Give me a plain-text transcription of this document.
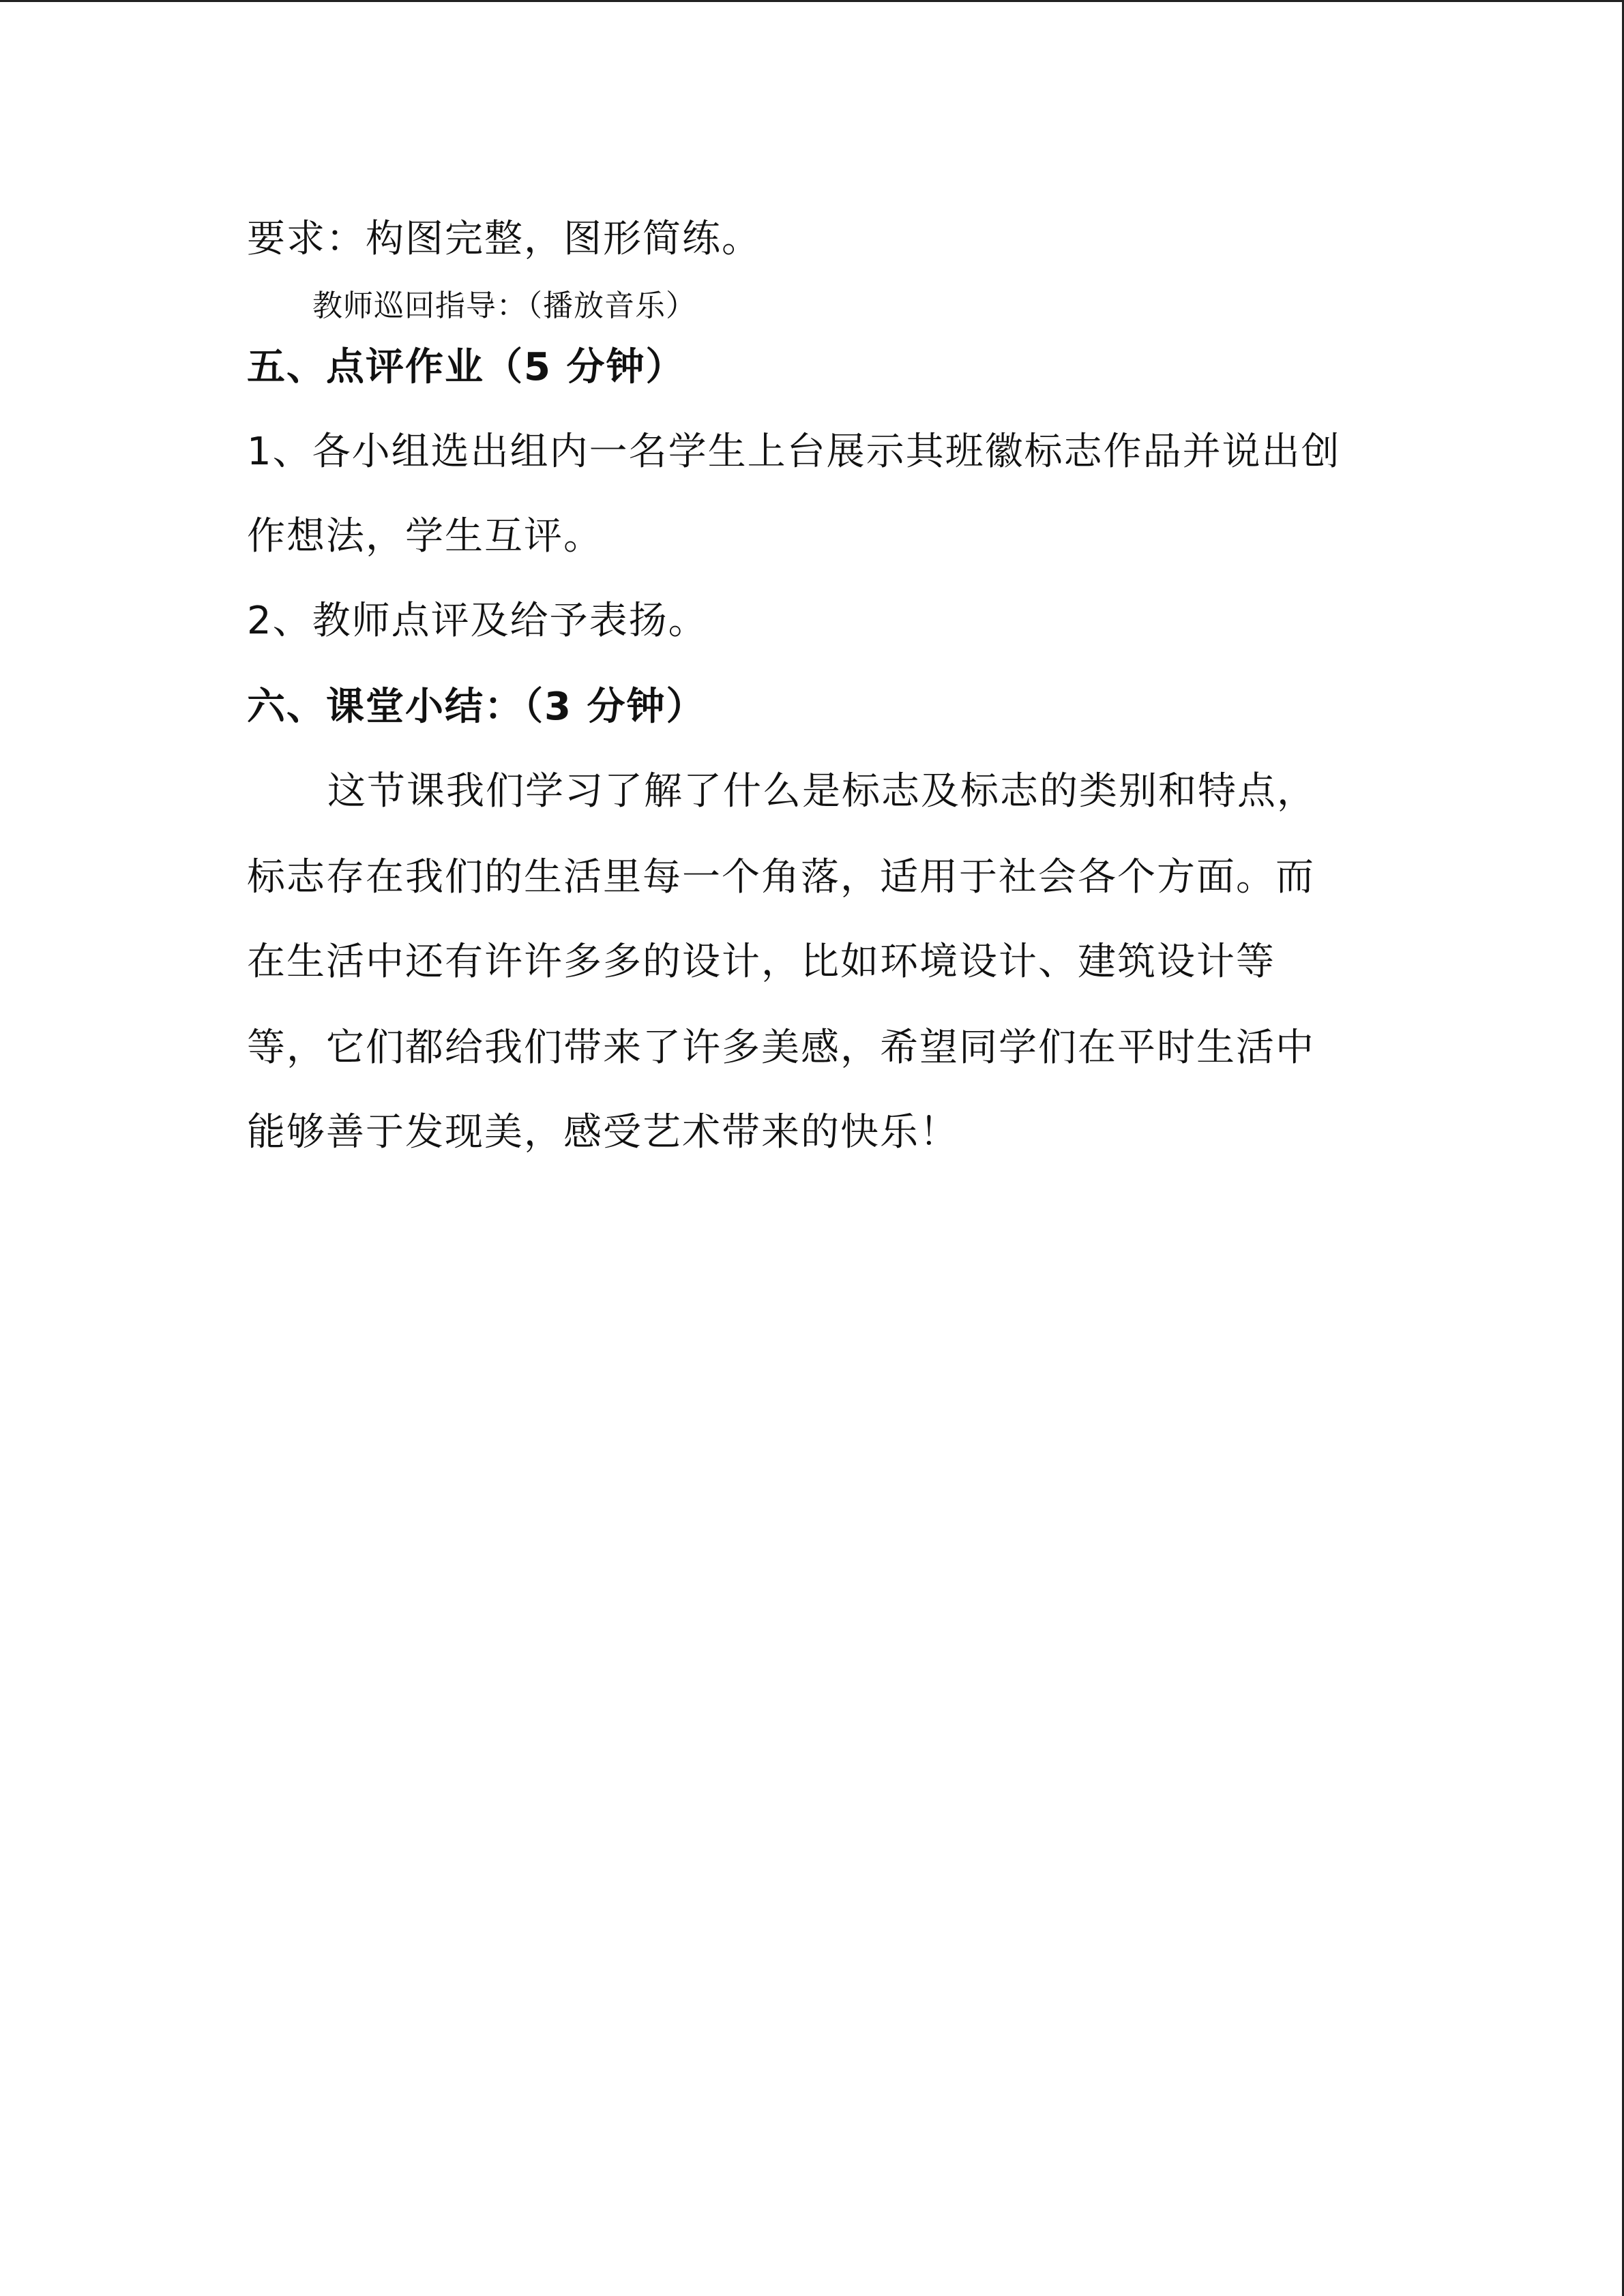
要求：构图完整，图形简练。
教师巡回指导：（播放音乐）
五、点评作业（5 分钟）
1、各小组选出组内一名学生上台展示其班徽标志作品并说出创
作想法，学生互评。
2、教师点评及给予表扬。
六、课堂小结：（3 分钟）
这节课我们学习了解了什么是标志及标志的类别和特点，
标志存在我们的生活里每一个角落，适用于社会各个方面。而
在生活中还有许许多多的设计，比如环境设计、建筑设计等
等，它们都给我们带来了许多美感，希望同学们在平时生活中
能够善于发现美，感受艺术带来的快乐！
